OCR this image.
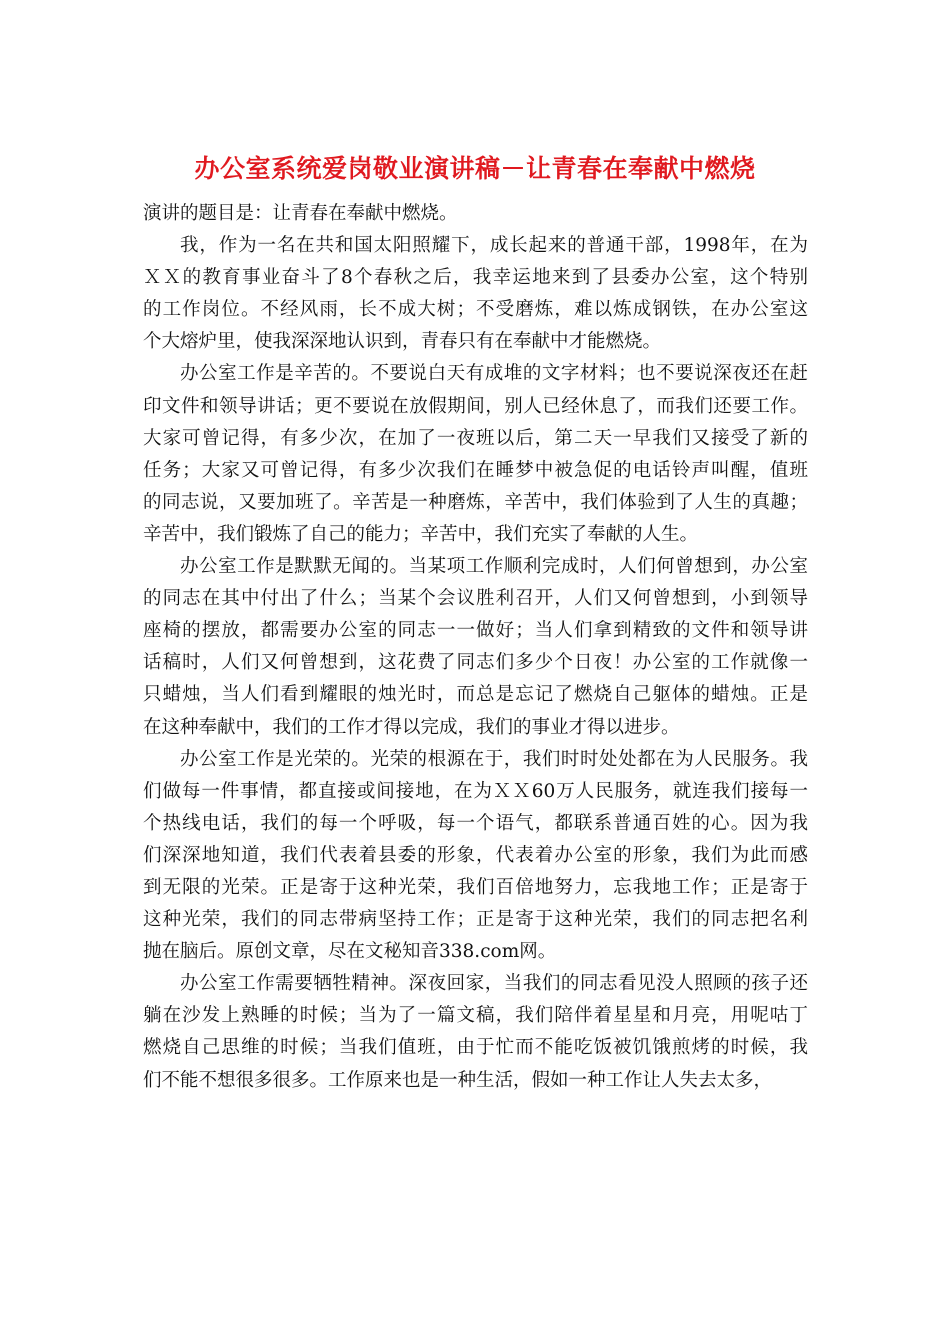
办公室系统爱岗敬业演讲稿－让青春在奉献中燃烧
演讲的题目是：让青春在奉献中燃烧。
我，作为一名在共和国太阳照耀下，成长起来的普通干部，1998年，在为
ＸＸ的教育事业奋斗了8个春秋之后，我幸运地来到了县委办公室，这个特别
的工作岗位。不经风雨，长不成大树；不受磨炼，难以炼成钢铁，在办公室这
个大熔炉里，使我深深地认识到，青春只有在奉献中才能燃烧。
办公室工作是辛苦的。不要说白天有成堆的文字材料；也不要说深夜还在赶
印文件和领导讲话；更不要说在放假期间，别人已经休息了，而我们还要工作。
大家可曾记得，有多少次，在加了一夜班以后，第二天一早我们又接受了新的
任务；大家又可曾记得，有多少次我们在睡梦中被急促的电话铃声叫醒，值班
的同志说，又要加班了。辛苦是一种磨炼，辛苦中，我们体验到了人生的真趣；
辛苦中，我们锻炼了自己的能力；辛苦中，我们充实了奉献的人生。
办公室工作是默默无闻的。当某项工作顺利完成时，人们何曾想到，办公室
的同志在其中付出了什么；当某个会议胜利召开，人们又何曾想到，小到领导
座椅的摆放，都需要办公室的同志一一做好；当人们拿到精致的文件和领导讲
话稿时，人们又何曾想到，这花费了同志们多少个日夜！办公室的工作就像一
只蜡烛，当人们看到耀眼的烛光时，而总是忘记了燃烧自己躯体的蜡烛。正是
在这种奉献中，我们的工作才得以完成，我们的事业才得以进步。
办公室工作是光荣的。光荣的根源在于，我们时时处处都在为人民服务。我
们做每一件事情，都直接或间接地，在为ＸＸ60万人民服务，就连我们接每一
个热线电话，我们的每一个呼吸，每一个语气，都联系普通百姓的心。因为我
们深深地知道，我们代表着县委的形象，代表着办公室的形象，我们为此而感
到无限的光荣。正是寄于这种光荣，我们百倍地努力，忘我地工作；正是寄于
这种光荣，我们的同志带病坚持工作；正是寄于这种光荣，我们的同志把名利
抛在脑后。原创文章，尽在文秘知音338.com网。
办公室工作需要牺牲精神。深夜回家，当我们的同志看见没人照顾的孩子还
躺在沙发上熟睡的时候；当为了一篇文稿，我们陪伴着星星和月亮，用呢咕丁
燃烧自己思维的时候；当我们值班，由于忙而不能吃饭被饥饿煎烤的时候，我
们不能不想很多很多。工作原来也是一种生活，假如一种工作让人失去太多，
